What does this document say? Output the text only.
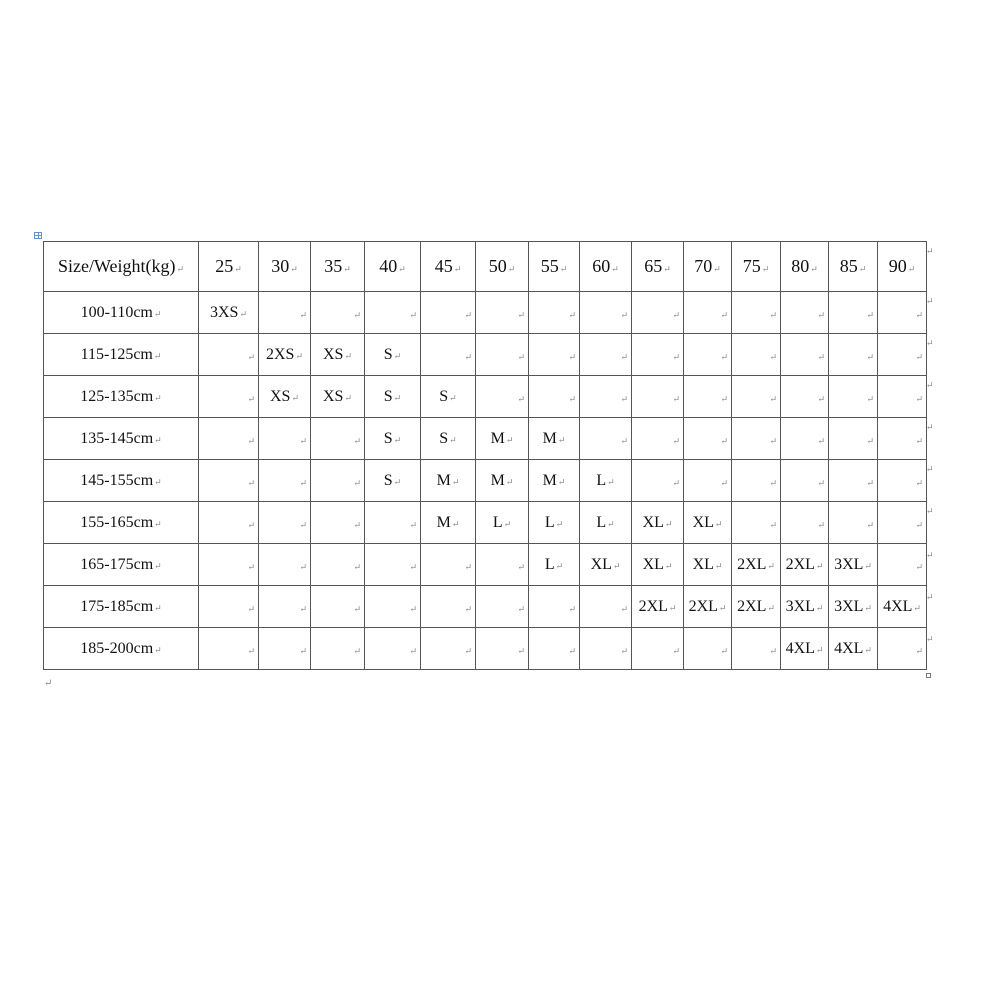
Size/Weight(kg)↵	25↵	30↵	35↵	40↵	45↵	50↵	55↵	60↵	65↵	70↵	75↵	80↵	85↵	90↵
100-110cm↵	3XS↵	↵	↵	↵	↵	↵	↵	↵	↵	↵	↵	↵	↵	↵

115-125cm↵	↵	2XS↵	XS↵	S↵	↵	↵	↵	↵	↵	↵	↵	↵	↵	↵

125-135cm↵	↵	XS↵	XS↵	S↵	S↵	↵	↵	↵	↵	↵	↵	↵	↵	↵

135-145cm↵	↵	↵	↵	S↵	S↵	M↵	M↵	↵	↵	↵	↵	↵	↵	↵

145-155cm↵	↵	↵	↵	S↵	M↵	M↵	M↵	L↵	↵	↵	↵	↵	↵	↵

155-165cm↵	↵	↵	↵	↵	M↵	L↵	L↵	L↵	XL↵	XL↵	↵	↵	↵	↵

165-175cm↵	↵	↵	↵	↵	↵	↵	L↵	XL↵	XL↵	XL↵	2XL↵	2XL↵	3XL↵	↵

175-185cm↵	↵	↵	↵	↵	↵	↵	↵	↵	2XL↵	2XL↵	2XL↵	3XL↵	3XL↵	4XL↵
185-200cm↵	↵	↵	↵	↵	↵	↵	↵	↵	↵	↵	↵	4XL↵	4XL↵	↵
↵
↵
↵
↵
↵
↵
↵
↵
↵
↵
↵
